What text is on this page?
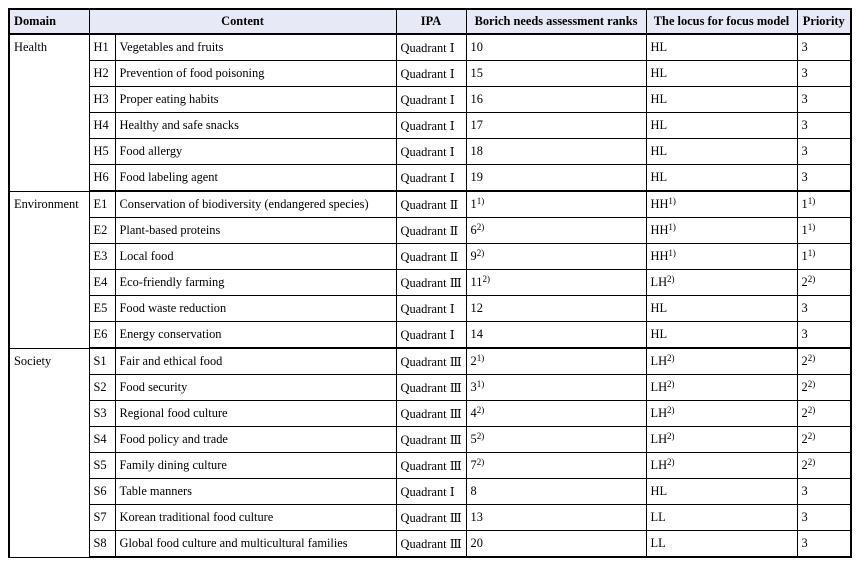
Domain	Content		IPA	Borich needs assessment ranks	The locus for focus model	Priority
Health	H1	Vegetables and fruits	Quadrant Ⅰ	10	HL	3
	H2	Prevention of food poisoning	Quadrant Ⅰ	15	HL	3
	H3	Proper eating habits	Quadrant Ⅰ	16	HL	3
	H4	Healthy and safe snacks	Quadrant Ⅰ	17	HL	3
	H5	Food allergy	Quadrant Ⅰ	18	HL	3
	H6	Food labeling agent	Quadrant Ⅰ	19	HL	3
Environment	E1	Conservation of biodiversity (endangered species)	Quadrant Ⅱ	1$^{1)}$	HH$^{1)}$	1$^{1)}$
	E2	Plant-based proteins	Quadrant Ⅱ	6$^{2)}$	HH$^{1)}$	1$^{1)}$
	E3	Local food	Quadrant Ⅱ	9$^{2)}$	HH$^{1)}$	1$^{1)}$
	E4	Eco-friendly farming	Quadrant Ⅲ	11$^{2)}$	LH$^{2)}$	2$^{2)}$
	E5	Food waste reduction	Quadrant Ⅰ	12	HL	3
	E6	Energy conservation	Quadrant Ⅰ	14	HL	3
Society	S1	Fair and ethical food	Quadrant Ⅲ	2$^{1)}$	LH$^{2)}$	2$^{2)}$
	S2	Food security	Quadrant Ⅲ	3$^{1)}$	LH$^{2)}$	2$^{2)}$
	S3	Regional food culture	Quadrant Ⅲ	4$^{2)}$	LH$^{2)}$	2$^{2)}$
	S4	Food policy and trade	Quadrant Ⅲ	5$^{2)}$	LH$^{2)}$	2$^{2)}$
	S5	Family dining culture	Quadrant Ⅲ	7$^{2)}$	LH$^{2)}$	2$^{2)}$
	S6	Table manners	Quadrant Ⅰ	8	HL	3
	S7	Korean traditional food culture	Quadrant Ⅲ	13	LL	3
	S8	Global food culture and multicultural families	Quadrant Ⅲ	20	LL	3
